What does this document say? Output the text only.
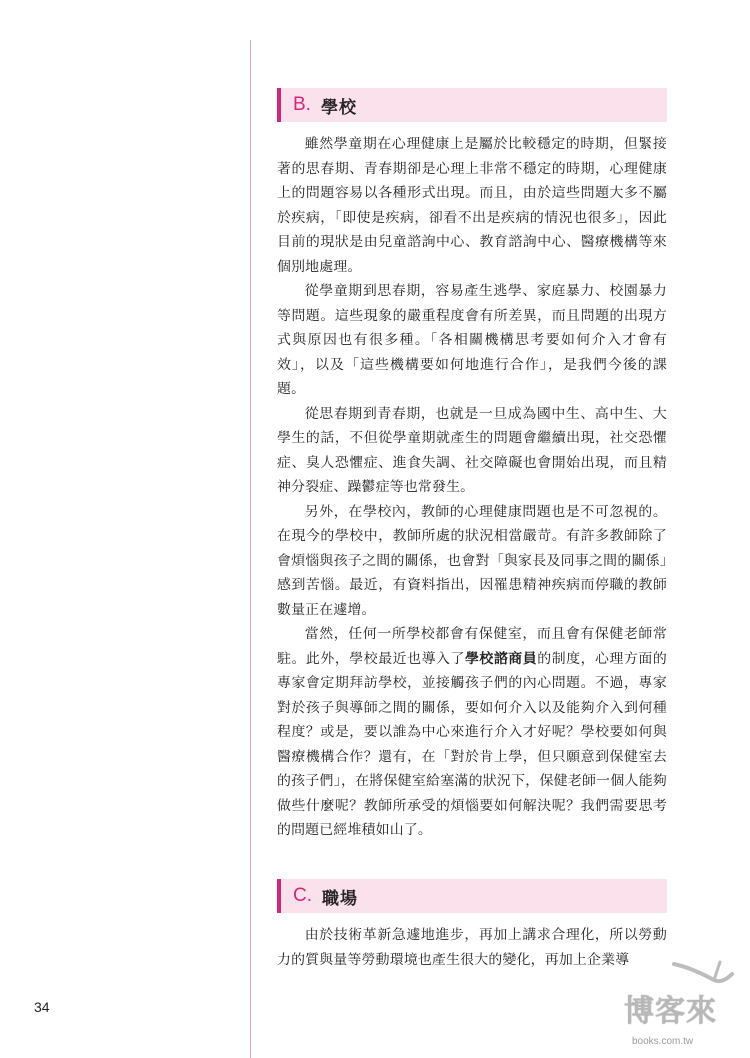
B. 學校

雖然學童期在心理健康上是屬於比較穩定的時期，但緊接著的思春期、青春期卻是心理上非常不穩定的時期，心理健康上的問題容易以各種形式出現。而且，由於這些問題大多不屬於疾病，「即使是疾病，卻看不出是疾病的情況也很多」，因此目前的現狀是由兒童諮詢中心、教育諮詢中心、醫療機構等來個別地處理。

從學童期到思春期，容易產生逃學、家庭暴力、校園暴力等問題。這些現象的嚴重程度會有所差異，而且問題的出現方式與原因也有很多種。「各相關機構思考要如何介入才會有效」，以及「這些機構要如何地進行合作」，是我們今後的課題。

從思春期到青春期，也就是一旦成為國中生、高中生、大學生的話，不但從學童期就產生的問題會繼續出現，社交恐懼症、臭人恐懼症、進食失調、社交障礙也會開始出現，而且精神分裂症、躁鬱症等也常發生。

另外，在學校內，教師的心理健康問題也是不可忽視的。在現今的學校中，教師所處的狀況相當嚴苛。有許多教師除了會煩惱與孩子之間的關係，也會對「與家長及同事之間的關係」感到苦惱。最近，有資料指出，因罹患精神疾病而停職的教師數量正在遽增。

當然，任何一所學校都會有保健室，而且會有保健老師常駐。此外，學校最近也導入了學校諮商員的制度，心理方面的專家會定期拜訪學校，並接觸孩子們的內心問題。不過，專家對於孩子與導師之間的關係，要如何介入以及能夠介入到何種程度？或是，要以誰為中心來進行介入才好呢？學校要如何與醫療機構合作？還有，在「對於肯上學，但只願意到保健室去的孩子們」，在將保健室給塞滿的狀況下，保健老師一個人能夠做些什麼呢？教師所承受的煩惱要如何解決呢？我們需要思考的問題已經堆積如山了。

C. 職場

由於技術革新急遽地進步，再加上講求合理化，所以勞動力的質與量等勞動環境也產生很大的變化，再加上企業導

34	博客來
books.com.tw
